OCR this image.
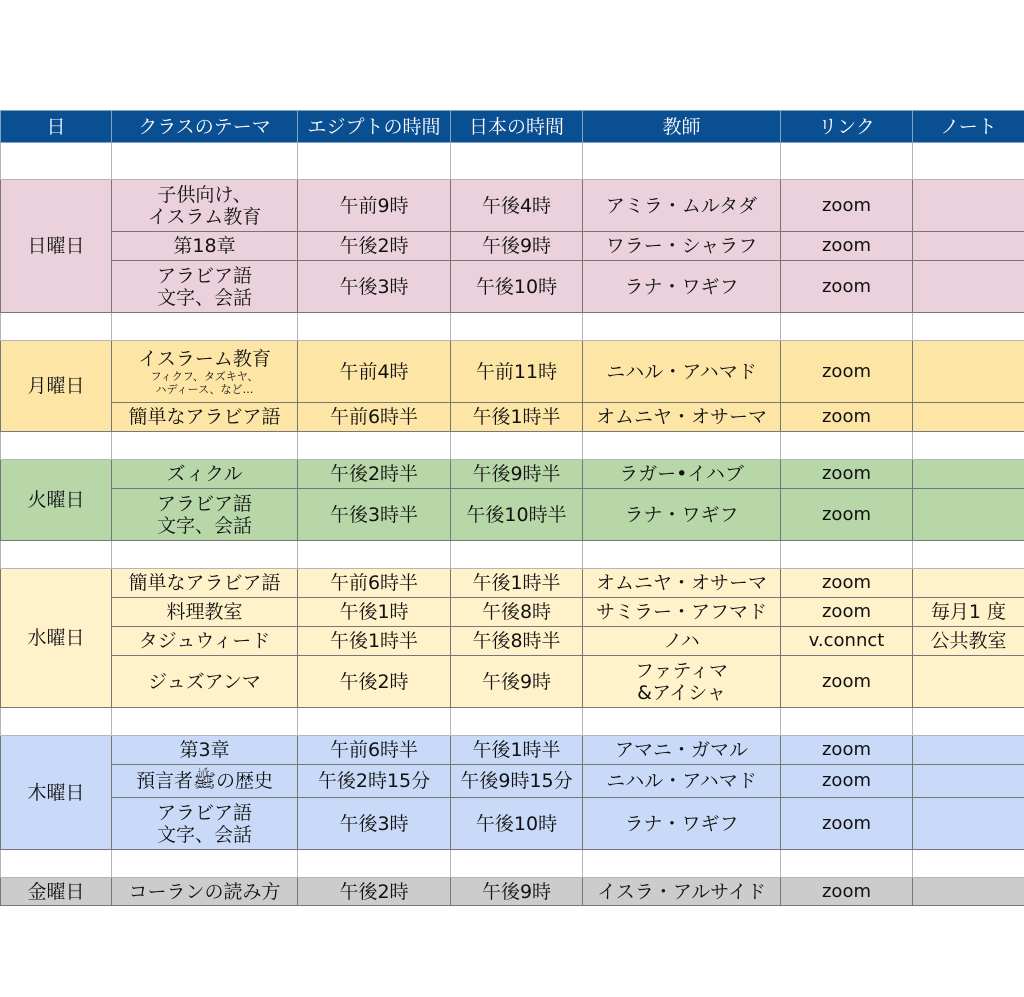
日	クラスのテーマ	エジプトの時間	日本の時間	教師	リンク	ノート

日曜日	子供向け、
イスラム教育	午前9時	午後4時	アミラ・ムルタダ	zoom	

	第18章	午後2時	午後9時	ワラー・シャラフ	zoom	

	アラビア語
文字、会話	午後3時	午後10時	ラナ・ワギフ	zoom	

月曜日	イスラーム教育
フィクフ、タズキヤ、
ハディース、など…	午前4時	午前11時	ニハル・アハマド	zoom	

	簡単なアラビア語	午前6時半	午後1時半	オムニヤ・オサーマ	zoom	

火曜日	ズィクル	午後2時半	午後9時半	ラガー•イハブ	zoom	

	アラビア語
文字、会話	午後3時半	午後10時半	ラナ・ワギフ	zoom	

水曜日	簡単なアラビア語	午前6時半	午後1時半	オムニヤ・オサーマ	zoom	

	料理教室	午後1時	午後8時	サミラー・アフマド	zoom	毎月1 度

	タジュウィード	午後1時半	午後8時半	ノハ	v.connct	公共教室

	ジュズアンマ	午後2時	午後9時	ファティマ
&アイシャ	zoom	

木曜日	第3章	午前6時半	午後1時半	アマニ・ガマル	zoom	

	預言者ﷺの歴史	午後2時15分	午後9時15分	ニハル・アハマド	zoom	

	アラビア語
文字、会話	午後3時	午後10時	ラナ・ワギフ	zoom	

金曜日	コーランの読み方	午後2時	午後9時	イスラ・アルサイド	zoom	
